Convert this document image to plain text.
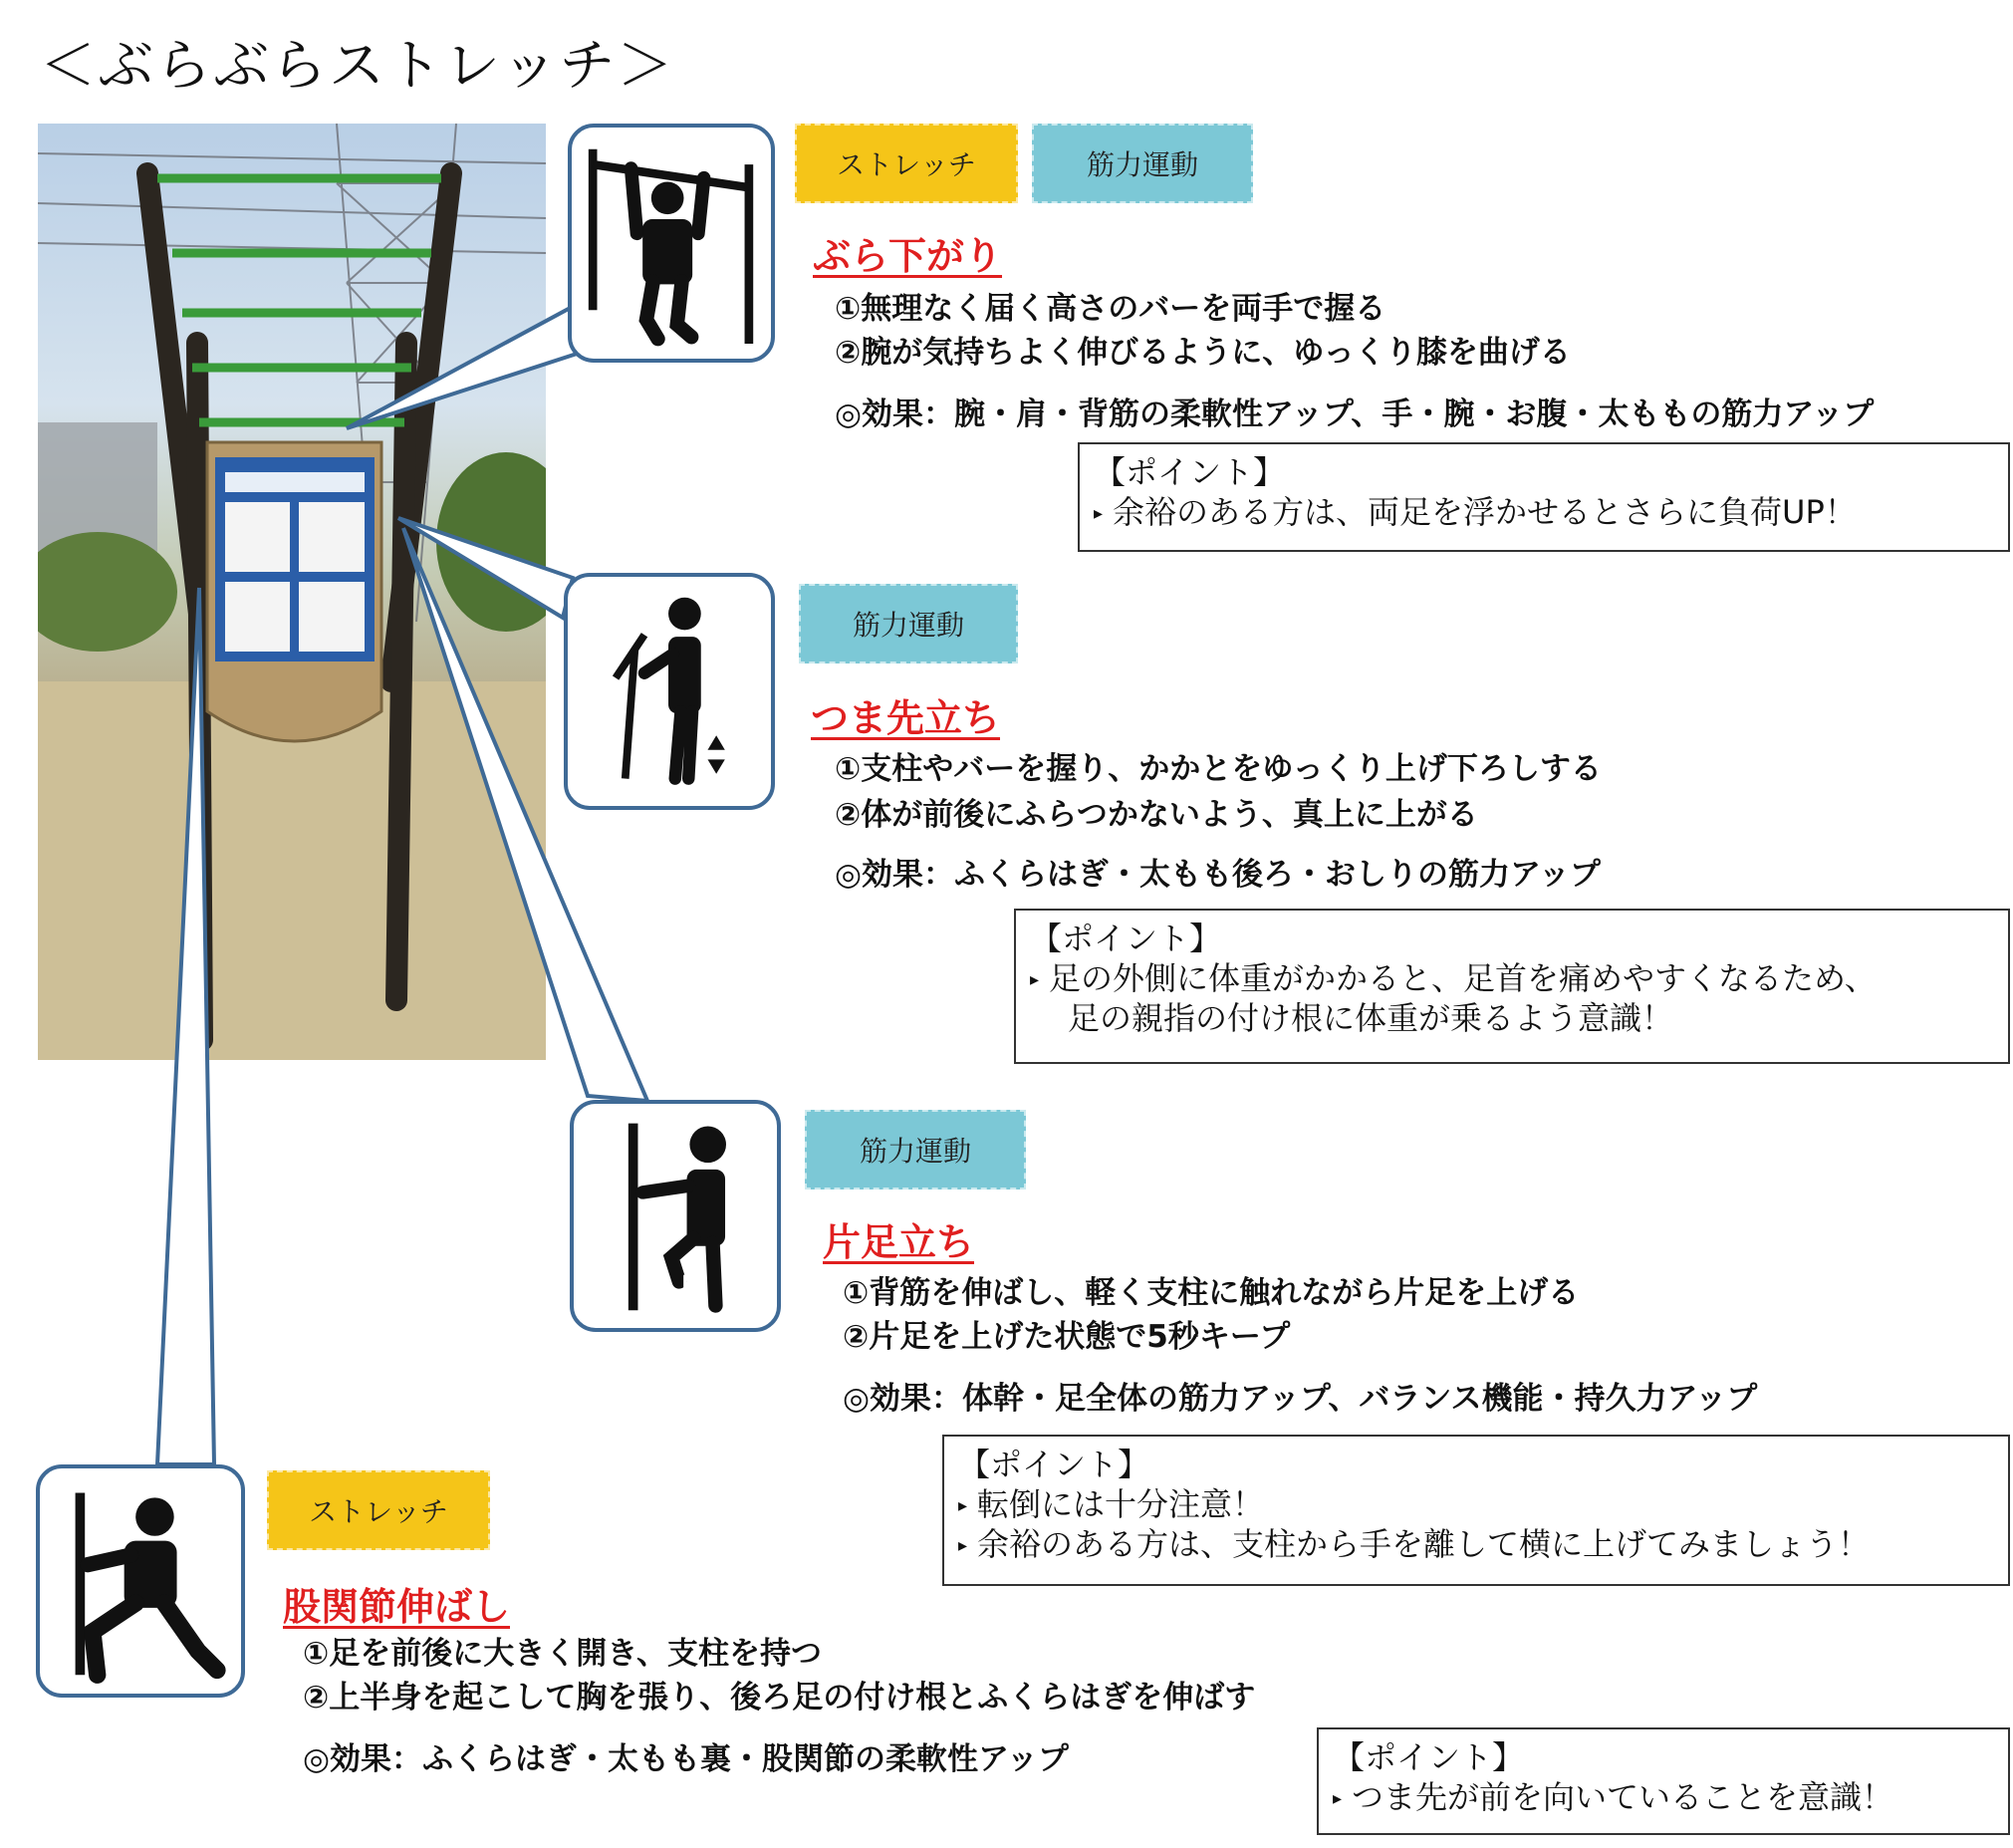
＜ぶらぶらストレッチ＞
ストレッチ	筋力運動
ぶら下がり
①無理なく届く高さのバーを両手で握る
②腕が気持ちよく伸びるように、ゆっくり膝を曲げる
◎効果：腕・肩・背筋の柔軟性アップ、手・腕・お腹・太ももの筋力アップ
【ポイント】
▸ 余裕のある方は、両足を浮かせるとさらに負荷UP！
筋力運動
つま先立ち
①支柱やバーを握り、かかとをゆっくり上げ下ろしする
②体が前後にふらつかないよう、真上に上がる
◎効果：ふくらはぎ・太もも後ろ・おしりの筋力アップ
【ポイント】
▸ 足の外側に体重がかかると、足首を痛めやすくなるため、
足の親指の付け根に体重が乗るよう意識！
筋力運動
片足立ち
①背筋を伸ばし、軽く支柱に触れながら片足を上げる
②片足を上げた状態で5秒キープ
◎効果：体幹・足全体の筋力アップ、バランス機能・持久力アップ
【ポイント】
▸ 転倒には十分注意！
▸ 余裕のある方は、支柱から手を離して横に上げてみましょう！
ストレッチ
股関節伸ばし
①足を前後に大きく開き、支柱を持つ
②上半身を起こして胸を張り、後ろ足の付け根とふくらはぎを伸ばす
◎効果：ふくらはぎ・太もも裏・股関節の柔軟性アップ	【ポイント】
▸ つま先が前を向いていることを意識！
